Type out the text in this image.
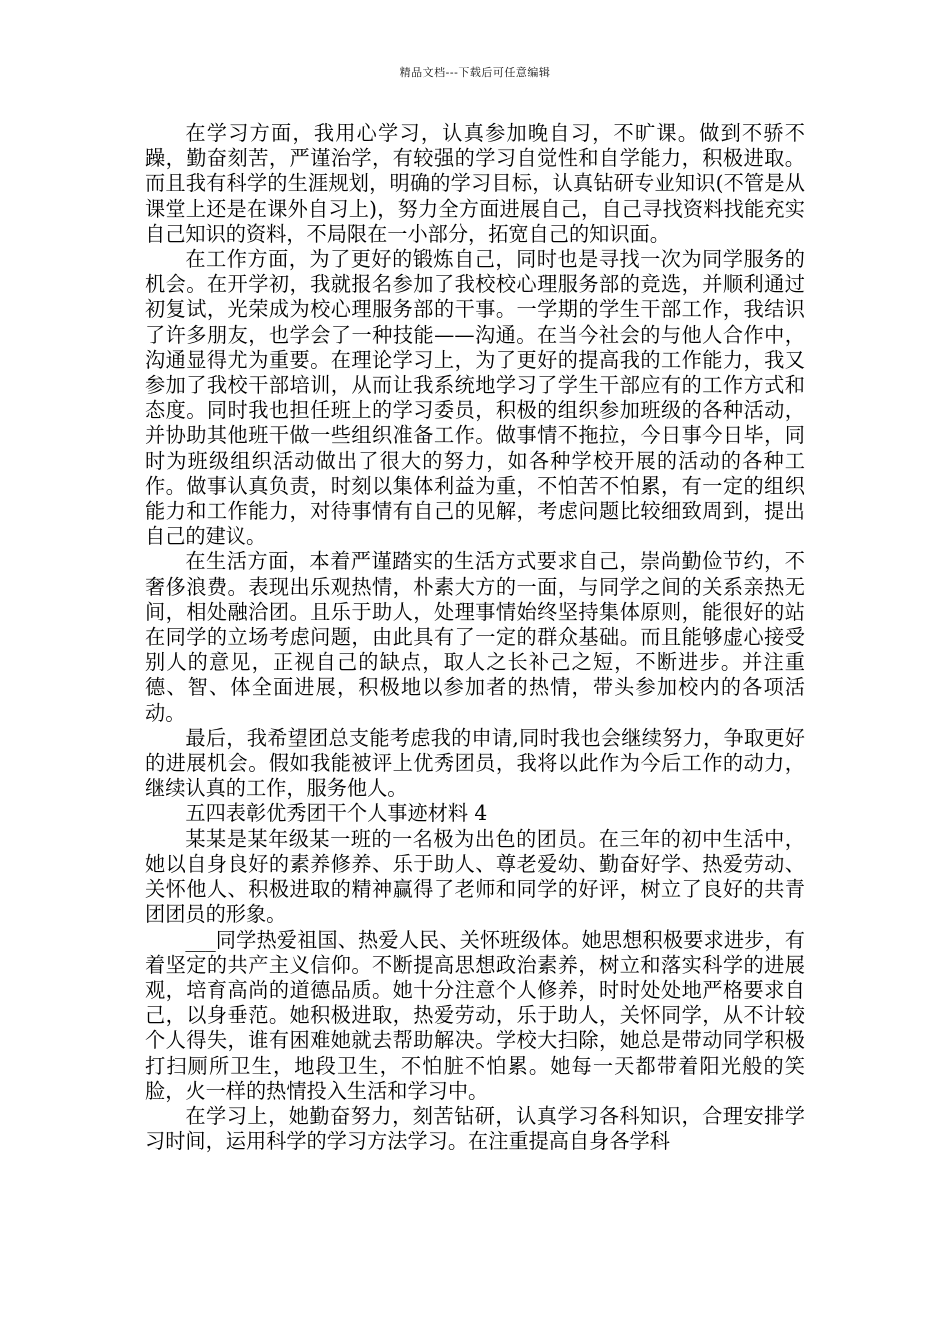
精品文档---下载后可任意编辑

在学习方面，我用心学习，认真参加晚自习，不旷课。做到不骄不躁，勤奋刻苦，严谨治学，有较强的学习自觉性和自学能力，积极进取。而且我有科学的生涯规划，明确的学习目标，认真钻研专业知识(不管是从课堂上还是在课外自习上)，努力全方面进展自己，自己寻找资料找能充实自己知识的资料，不局限在一小部分，拓宽自己的知识面。

在工作方面，为了更好的锻炼自己，同时也是寻找一次为同学服务的机会。在开学初，我就报名参加了我校校心理服务部的竞选，并顺利通过初复试，光荣成为校心理服务部的干事。一学期的学生干部工作，我结识了许多朋友，也学会了一种技能——沟通。在当今社会的与他人合作中，沟通显得尤为重要。在理论学习上，为了更好的提高我的工作能力，我又参加了我校干部培训，从而让我系统地学习了学生干部应有的工作方式和态度。同时我也担任班上的学习委员，积极的组织参加班级的各种活动，并协助其他班干做一些组织准备工作。做事情不拖拉，今日事今日毕，同时为班级组织活动做出了很大的努力，如各种学校开展的活动的各种工作。做事认真负责，时刻以集体利益为重，不怕苦不怕累，有一定的组织能力和工作能力，对待事情有自己的见解，考虑问题比较细致周到，提出自己的建议。

在生活方面，本着严谨踏实的生活方式要求自己，崇尚勤俭节约，不奢侈浪费。表现出乐观热情，朴素大方的一面，与同学之间的关系亲热无间，相处融洽团。且乐于助人，处理事情始终坚持集体原则，能很好的站在同学的立场考虑问题，由此具有了一定的群众基础。而且能够虚心接受别人的意见，正视自己的缺点，取人之长补己之短，不断进步。并注重德、智、体全面进展，积极地以参加者的热情，带头参加校内的各项活动。

最后，我希望团总支能考虑我的申请,同时我也会继续努力，争取更好的进展机会。假如我能被评上优秀团员，我将以此作为今后工作的动力，继续认真的工作，服务他人。

五四表彰优秀团干个人事迹材料 4

某某是某年级某一班的一名极为出色的团员。在三年的初中生活中，她以自身良好的素养修养、乐于助人、尊老爱幼、勤奋好学、热爱劳动、关怀他人、积极进取的精神赢得了老师和同学的好评，树立了良好的共青团团员的形象。

___同学热爱祖国、热爱人民、关怀班级体。她思想积极要求进步，有着坚定的共产主义信仰。不断提高思想政治素养，树立和落实科学的进展观，培育高尚的道德品质。她十分注意个人修养，时时处处地严格要求自己，以身垂范。她积极进取，热爱劳动，乐于助人，关怀同学，从不计较个人得失，谁有困难她就去帮助解决。学校大扫除，她总是带动同学积极打扫厕所卫生，地段卫生，不怕脏不怕累。她每一天都带着阳光般的笑脸，火一样的热情投入生活和学习中。

在学习上，她勤奋努力，刻苦钻研，认真学习各科知识，合理安排学习时间，运用科学的学习方法学习。在注重提高自身各学科
